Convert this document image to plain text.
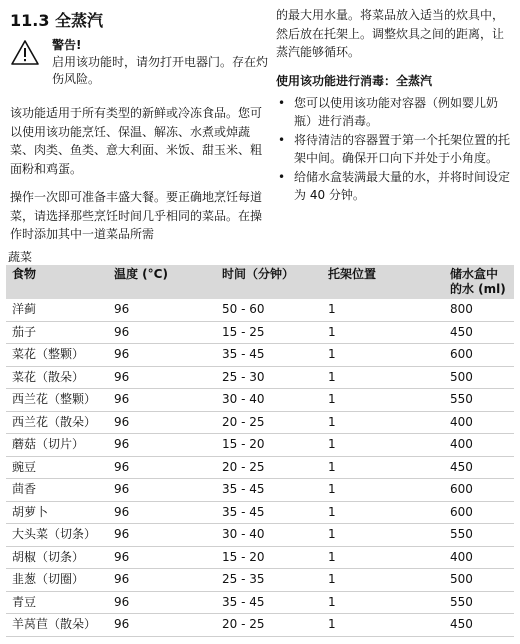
11.3 全蒸汽
警告!
启用该功能时，请勿打开电器门。存在灼伤风险。

该功能适用于所有类型的新鲜或冷冻食品。您可以使用该功能烹饪、保温、解冻、水煮或焯蔬菜、肉类、鱼类、意大利面、米饭、甜玉米、粗面粉和鸡蛋。

操作一次即可准备丰盛大餐。要正确地烹饪每道菜，请选择那些烹饪时间几乎相同的菜品。在操作时添加其中一道菜品所需

的最大用水量。将菜品放入适当的炊具中，然后放在托架上。调整炊具之间的距离，让蒸汽能够循环。

使用该功能进行消毒：全蒸汽
• 您可以使用该功能对容器（例如婴儿奶瓶）进行消毒。
• 将待清洁的容器置于第一个托架位置的托架中间。确保开口向下并处于小角度。
• 给储水盒装满最大量的水，并将时间设定为 40 分钟。
蔬菜
食物	温度 (°C)	时间（分钟）	托架位置	储水盒中的水 (ml)
洋蓟	96	50 - 60	1	800
茄子	96	15 - 25	1	450
菜花（整颗）	96	35 - 45	1	600
菜花（散朵）	96	25 - 30	1	500
西兰花（整颗）	96	30 - 40	1	550
西兰花（散朵）	96	20 - 25	1	400
蘑菇（切片）	96	15 - 20	1	400
豌豆	96	20 - 25	1	450
茴香	96	35 - 45	1	600
胡萝卜	96	35 - 45	1	600
大头菜（切条）	96	30 - 40	1	550
胡椒（切条）	96	15 - 20	1	400
韭葱（切圈）	96	25 - 35	1	500
青豆	96	35 - 45	1	550
羊莴苣（散朵）	96	20 - 25	1	450
